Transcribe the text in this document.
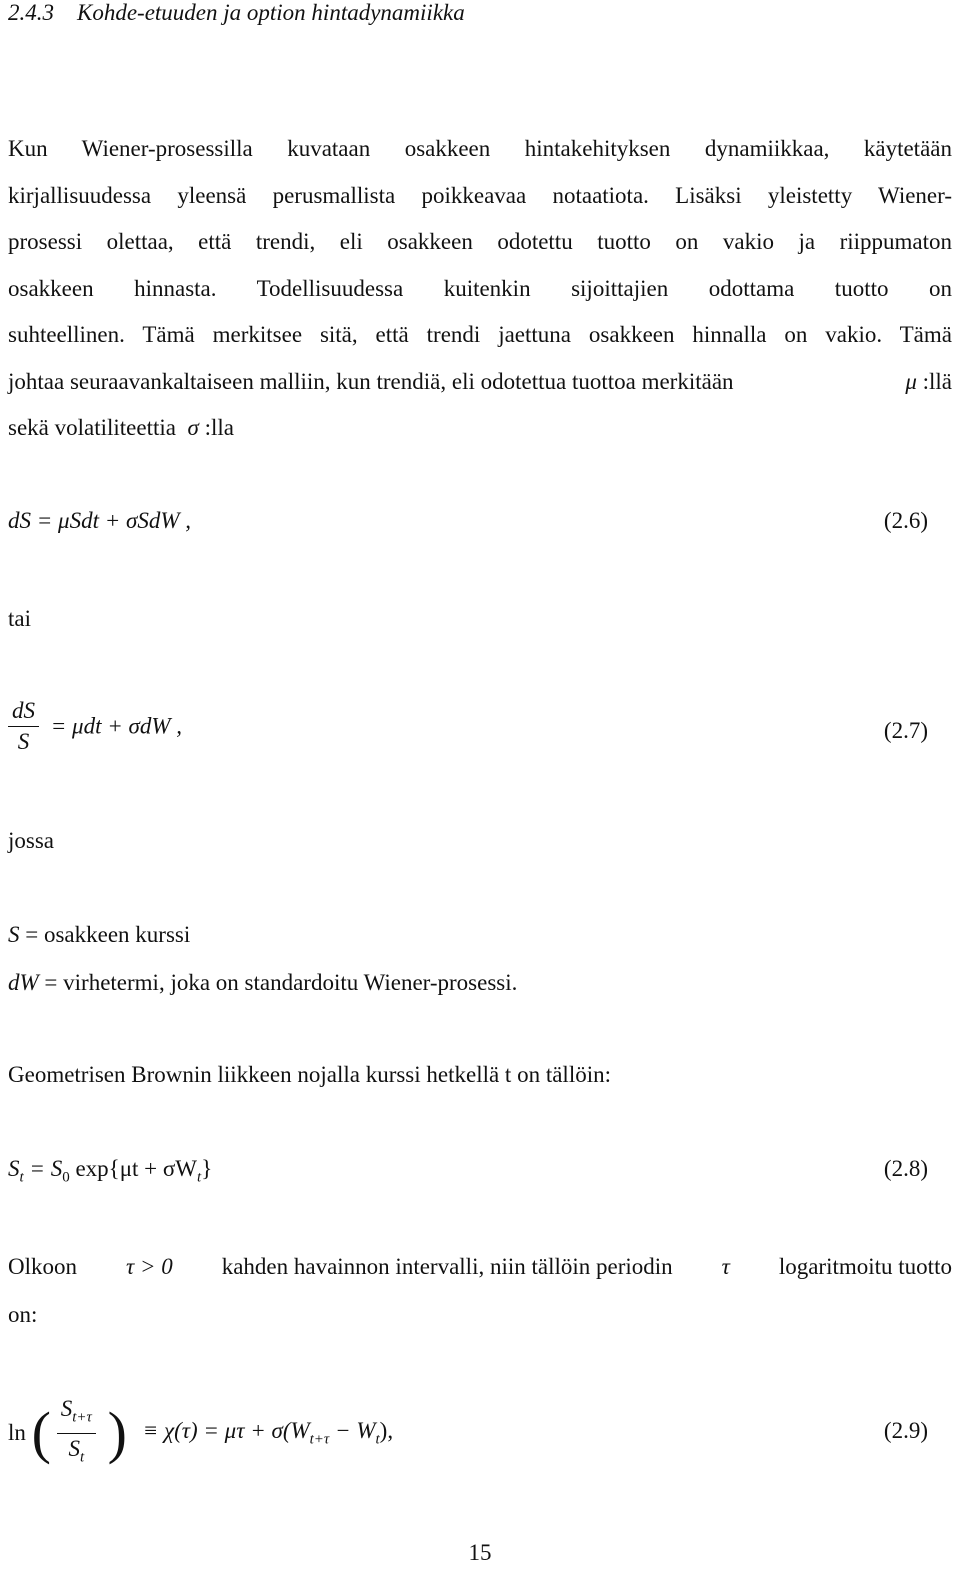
2.4.3 Kohde-etuuden ja option hintadynamiikka
Kun Wiener-prosessilla kuvataan osakkeen hintakehityksen dynamiikkaa, käytetään
kirjallisuudessa yleensä perusmallista poikkeavaa notaatiota. Lisäksi yleistetty Wiener-
prosessi olettaa, että trendi, eli osakkeen odotettu tuotto on vakio ja riippumaton
osakkeen hinnasta. Todellisuudessa kuitenkin sijoittajien odottama tuotto on
suhteellinen. Tämä merkitsee sitä, että trendi jaettuna osakkeen hinnalla on vakio. Tämä
johtaa seuraavankaltaiseen malliin, kun trendiä, eli odotettua tuottoa merkitään	μ :llä
sekä volatiliteettia σ :lla
dS = μSdt + σSdW ,	(2.6)
tai
$\frac{dS}{S} = \mu dt + \sigma dW$ ,	(2.7)
jossa
S = osakkeen kurssi
dW = virhetermi, joka on standardoitu Wiener-prosessi.
Geometrisen Brownin liikkeen nojalla kurssi hetkellä t on tällöin:
$S_t = S_0$ $\exp\{\mu t + \sigma W_t\}$	(2.8)
Olkoon τ > 0 kahden havainnon intervalli, niin tällöin periodin τ logaritmoitu tuotto
on:
ln ( $\frac{S_{t+\tau}}{S_t}$ ) ≡ $\chi(\tau) = \mu\tau + \sigma(W_{t+\tau} - W_t)$,	(2.9)
15
